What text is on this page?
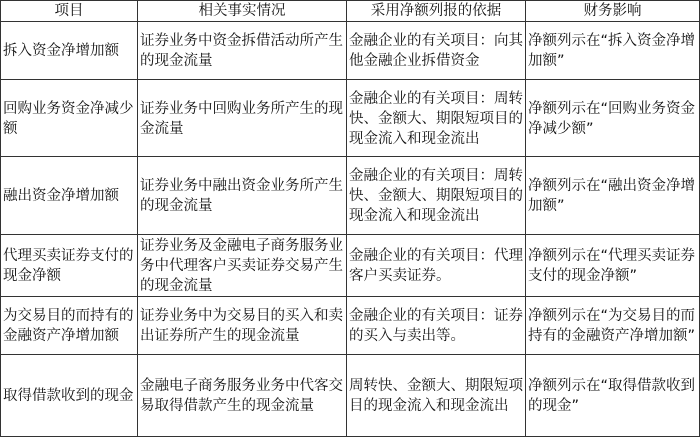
项目	相关事实情况	采用净额列报的依据	财务影响
拆入资金净增加额	证券业务中资金拆借活动所产生的现金流量	金融企业的有关项目：向其他金融企业拆借资金	净额列示在“拆入资金净增加额”
回购业务资金净减少额	证券业务中回购业务所产生的现金流量	金融企业的有关项目：周转快、金额大、期限短项目的现金流入和现金流出	净额列示在“回购业务资金净减少额”
融出资金净增加额	证券业务中融出资金业务所产生的现金流量	金融企业的有关项目：周转快、金额大、期限短项目的现金流入和现金流出	净额列示在“融出资金净增加额”
代理买卖证券支付的现金净额	证券业务及金融电子商务服务业务中代理客户买卖证券交易产生的现金流量	金融企业的有关项目：代理客户买卖证券。	净额列示在“代理买卖证券支付的现金净额”
为交易目的而持有的金融资产净增加额	证券业务中为交易目的买入和卖出证券所产生的现金流量	金融企业的有关项目：证券的买入与卖出等。	净额列示在“为交易目的而持有的金融资产净增加额”
取得借款收到的现金	金融电子商务服务业务中代客交易取得借款产生的现金流量	周转快、金额大、期限短项目的现金流入和现金流出	净额列示在“取得借款收到的现金”
